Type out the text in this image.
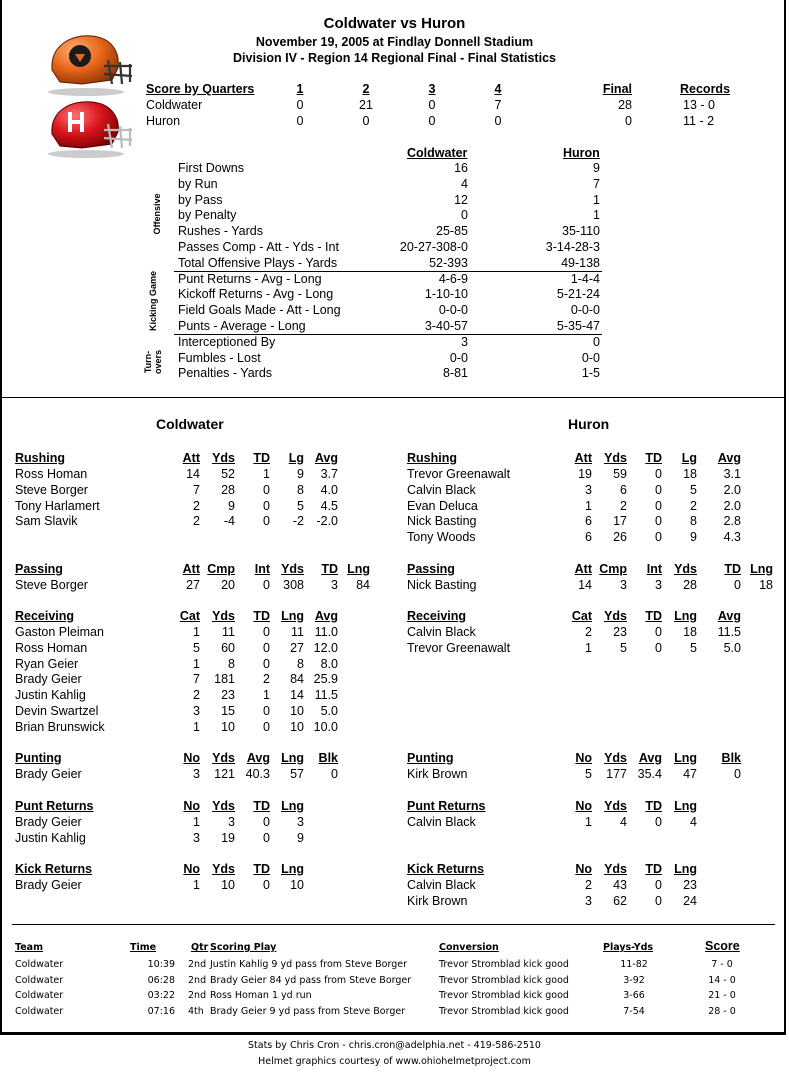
Coldwater vs Huron
November 19, 2005 at Findlay Donnell Stadium
Division IV - Region 14 Regional Final - Final Statistics
Score by Quarters	1	2	3	4	Final	Records
Coldwater	0	21	0	7	28	13 - 0
Huron	0	0	0	0	0	11 - 2
Coldwater	Huron
First Downs	16	9
by Run	4	7
by Pass	12	1
by Penalty	0	1
Rushes - Yards	25-85	35-110
Passes Comp - Att - Yds - Int	20-27-308-0	3-14-28-3
Total Offensive Plays - Yards	52-393	49-138
Punt Returns - Avg - Long	4-6-9	1-4-4
Kickoff Returns - Avg - Long	1-10-10	5-21-24
Field Goals Made - Att - Long	0-0-0	0-0-0
Punts - Average - Long	3-40-57	5-35-47
Interceptioned By	3	0
Fumbles - Lost	0-0	0-0
Penalties - Yards	8-81	1-5
Offensive
Kicking Game
Turn-overs
Coldwater	Huron
Rushing	Att Yds	TD	Lg Avg
Ross Homan	14	52	1	9	3.7
Steve Borger	7	28	0	8	4.0
Tony Harlamert	2	9	0	5	4.5
Sam Slavik	2	-4	0	-2 -2.0
Rushing	Att Yds	TD	Lg	Avg
Trevor Greenawalt	19	59	0	18	3.1
Calvin Black	3	6	0	5	2.0
Evan Deluca	1	2	0	2	2.0
Nick Basting	6	17	0	8	2.8
Tony Woods	6	26	0	9	4.3
Passing	Att Cmp	Int Yds	TD Lng
Steve Borger	27	20	0	308	3	84
Passing	Att Cmp	Int Yds	TD Lng
Nick Basting	14	3	3	28	0	18
Receiving	Cat Yds	TD Lng Avg
Gaston Pleiman	1	11	0	11 11.0
Ross Homan	5	60	0	27 12.0
Ryan Geier	1	8	0	8	8.0
Brady Geier	7	181	2	84 25.9
Justin Kahlig	2	23	1	14 11.5
Devin Swartzel	3	15	0	10	5.0
Brian Brunswick	1	10	0	10 10.0
Receiving	Cat Yds	TD Lng	Avg
Calvin Black	2	23	0	18	11.5
Trevor Greenawalt	1	5	0	5	5.0
Punting	No Yds Avg Lng	Blk
Brady Geier	3	121 40.3	57	0
Punting	No Yds Avg Lng	Blk
Kirk Brown	5	177 35.4	47	0
Punt Returns	No Yds	TD Lng
Brady Geier	1	3	0	3
Justin Kahlig	3	19	0	9
Punt Returns	No Yds	TD Lng
Calvin Black	1	4	0	4
Kick Returns	No Yds	TD Lng
Brady Geier	1	10	0	10
Kick Returns	No Yds	TD Lng
Calvin Black	2	43	0	23
Kirk Brown	3	62	0	24
Team	Time	Qtr Scoring Play	Conversion	Plays-Yds	Score
Coldwater	10:39 2nd Justin Kahlig 9 yd pass from Steve Borger	Trevor Stromblad kick good	11-82	7 - 0
Coldwater	06:28 2nd Brady Geier 84 yd pass from Steve Borger	Trevor Stromblad kick good	3-92	14 - 0
Coldwater	03:22 2nd Ross Homan 1 yd run	Trevor Stromblad kick good	3-66	21 - 0
Coldwater	07:16 4th Brady Geier 9 yd pass from Steve Borger	Trevor Stromblad kick good	7-54	28 - 0
Stats by Chris Cron - chris.cron@adelphia.net - 419-586-2510
Helmet graphics courtesy of www.ohiohelmetproject.com
